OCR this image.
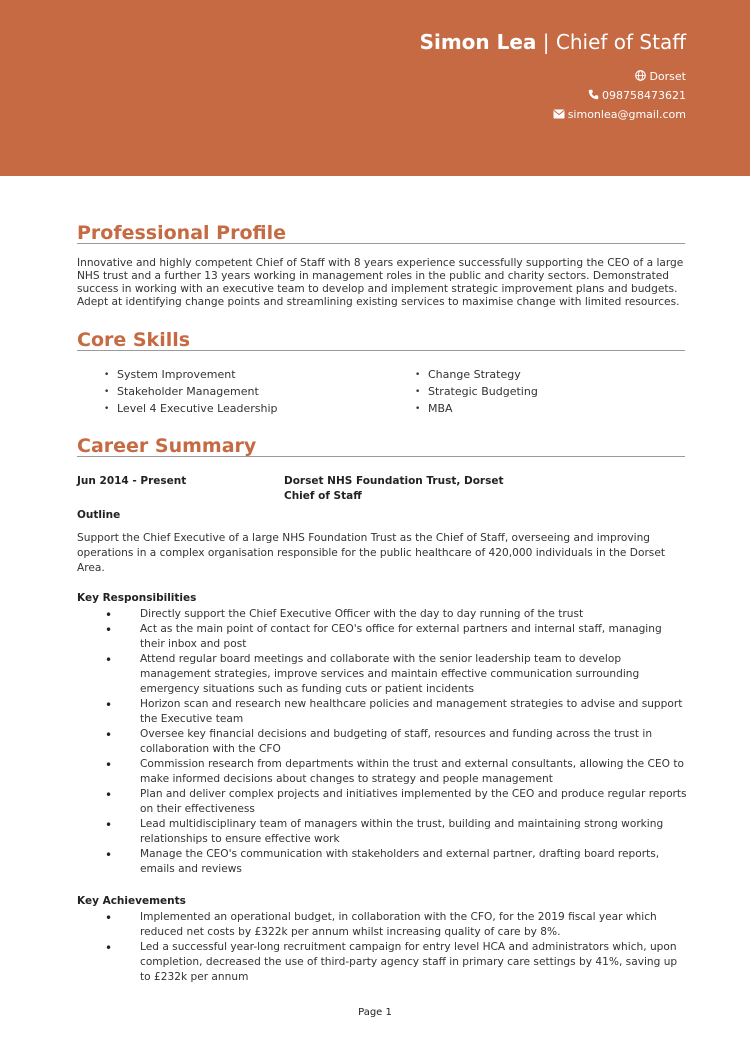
Simon Lea | Chief of Staff
Dorset
09875847362​1
simonlea@gmail.com
Professional Profile
Innovative and highly competent Chief of Staff with 8 years experience successfully supporting the CEO of a large NHS trust and a further 13 years working in management roles in the public and charity sectors. Demonstrated success in working with an executive team to develop and implement strategic improvement plans and budgets. Adept at identifying change points and streamlining existing services to maximise change with limited resources.
Core Skills
• System Improvement
• Stakeholder Management
• Level 4 Executive Leadership
• Change Strategy
• Strategic Budgeting
• MBA
Career Summary
Jun 2014 - Present	Dorset NHS Foundation Trust, Dorset
Chief of Staff
Outline
Support the Chief Executive of a large NHS Foundation Trust as the Chief of Staff, overseeing and improving operations in a complex organisation responsible for the public healthcare of 420,000 individuals in the Dorset Area.
Key Responsibilities
•	Directly support the Chief Executive Officer with the day to day running of the trust
•	Act as the main point of contact for CEO's office for external partners and internal staff, managing their inbox and post
•	Attend regular board meetings and collaborate with the senior leadership team to develop management strategies, improve services and maintain effective communication surrounding emergency situations such as funding cuts or patient incidents
•	Horizon scan and research new healthcare policies and management strategies to advise and support the Executive team
•	Oversee key financial decisions and budgeting of staff, resources and funding across the trust in collaboration with the CFO
•	Commission research from departments within the trust and external consultants, allowing the CEO to make informed decisions about changes to strategy and people management
•	Plan and deliver complex projects and initiatives implemented by the CEO and produce regular reports on their effectiveness
•	Lead multidisciplinary team of managers within the trust, building and maintaining strong working relationships to ensure effective work
•	Manage the CEO's communication with stakeholders and external partner, drafting board reports, emails and reviews
Key Achievements
•	Implemented an operational budget, in collaboration with the CFO, for the 2019 fiscal year which reduced net costs by £322k per annum whilst increasing quality of care by 8%.
•	Led a successful year-long recruitment campaign for entry level HCA and administrators which, upon completion, decreased the use of third-party agency staff in primary care settings by 41%, saving up to £232k per annum
Page 1
